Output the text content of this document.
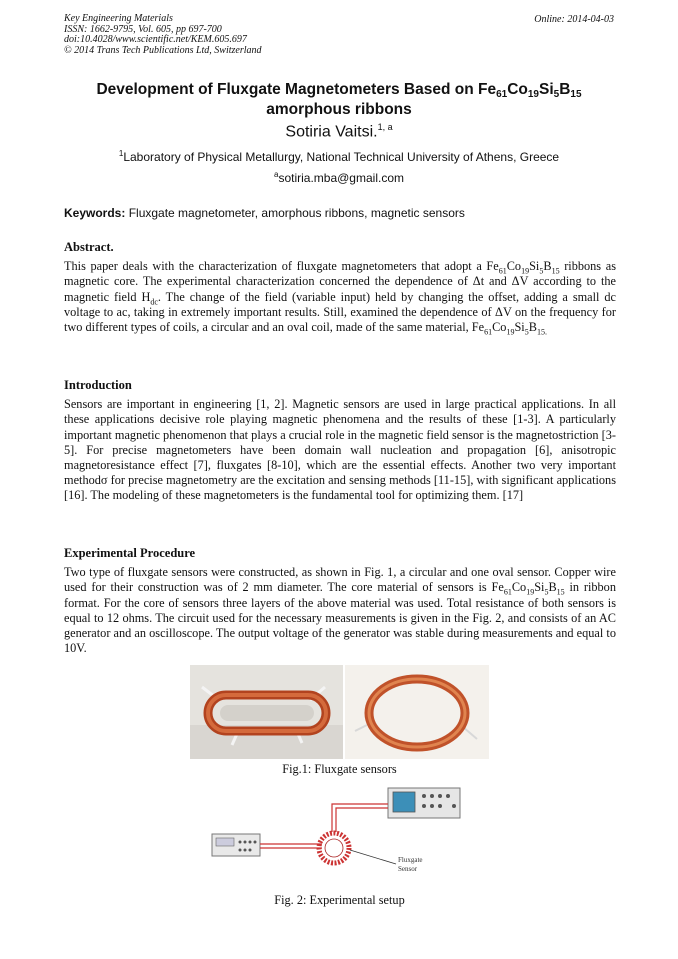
Key Engineering Materials
ISSN: 1662-9795, Vol. 605, pp 697-700
doi:10.4028/www.scientific.net/KEM.605.697
© 2014 Trans Tech Publications Ltd, Switzerland
Online: 2014-04-03
Development of Fluxgate Magnetometers Based on $Fe_{61}Co_{19}Si_5B_{15}$
amorphous ribbons
Sotiria Vaitsi.$^{1, a}$
$^1$Laboratory of Physical Metallurgy, National Technical University of Athens, Greece
$^a$sotiria.mba@gmail.com
Keywords: Fluxgate magnetometer, amorphous ribbons, magnetic sensors
Abstract.

This paper deals with the characterization of fluxgate magnetometers that adopt a $Fe_{61}Co_{19}Si_5B_{15}$ ribbons as magnetic core. The experimental characterization concerned the dependence of Δt and ΔV according to the magnetic field $H_{dc}$. The change of the field (variable input) held by changing the offset, adding a small dc voltage to ac, taking in extremely important results. Still, examined the dependence of ΔV on the frequency for two different types of coils, a circular and an oval coil, made of the same material, $Fe_{61}Co_{19}Si_5B_{15.}$

Introduction

Sensors are important in engineering [1, 2]. Magnetic sensors are used in large practical applications. In all these applications decisive role playing magnetic phenomena and the results of these [1-3]. A particularly important magnetic phenomenon that plays a crucial role in the magnetic field sensor is the magnetostriction [3-5]. For precise magnetometers have been domain wall nucleation and propagation [6], anisotropic magnetoresistance effect [7], fluxgates [8-10], which are the essential effects. Another two very important methodσ for precise magnetometry are the excitation and sensing methods [11-15], with significant applications [16]. The modeling of these magnetometers is the fundamental tool for optimizing them. [17]

Experimental Procedure

Two type of fluxgate sensors were constructed, as shown in Fig. 1, a circular and one oval sensor. Copper wire used for their construction was of 2 mm diameter. The core material of sensors is $Fe_{61}Co_{19}Si_5B_{15}$ in ribbon format. For the core of sensors three layers of the above material was used. Total resistance of both sensors is equal to 12 ohms. The circuit used for the necessary measurements is given in the Fig. 2, and consists of an AC generator and an oscilloscope. The output voltage of the generator was stable during measurements and equal to 10V.

Fig.1: Fluxgate sensors
Fluxgate
Sensor
Fig. 2: Experimental setup
